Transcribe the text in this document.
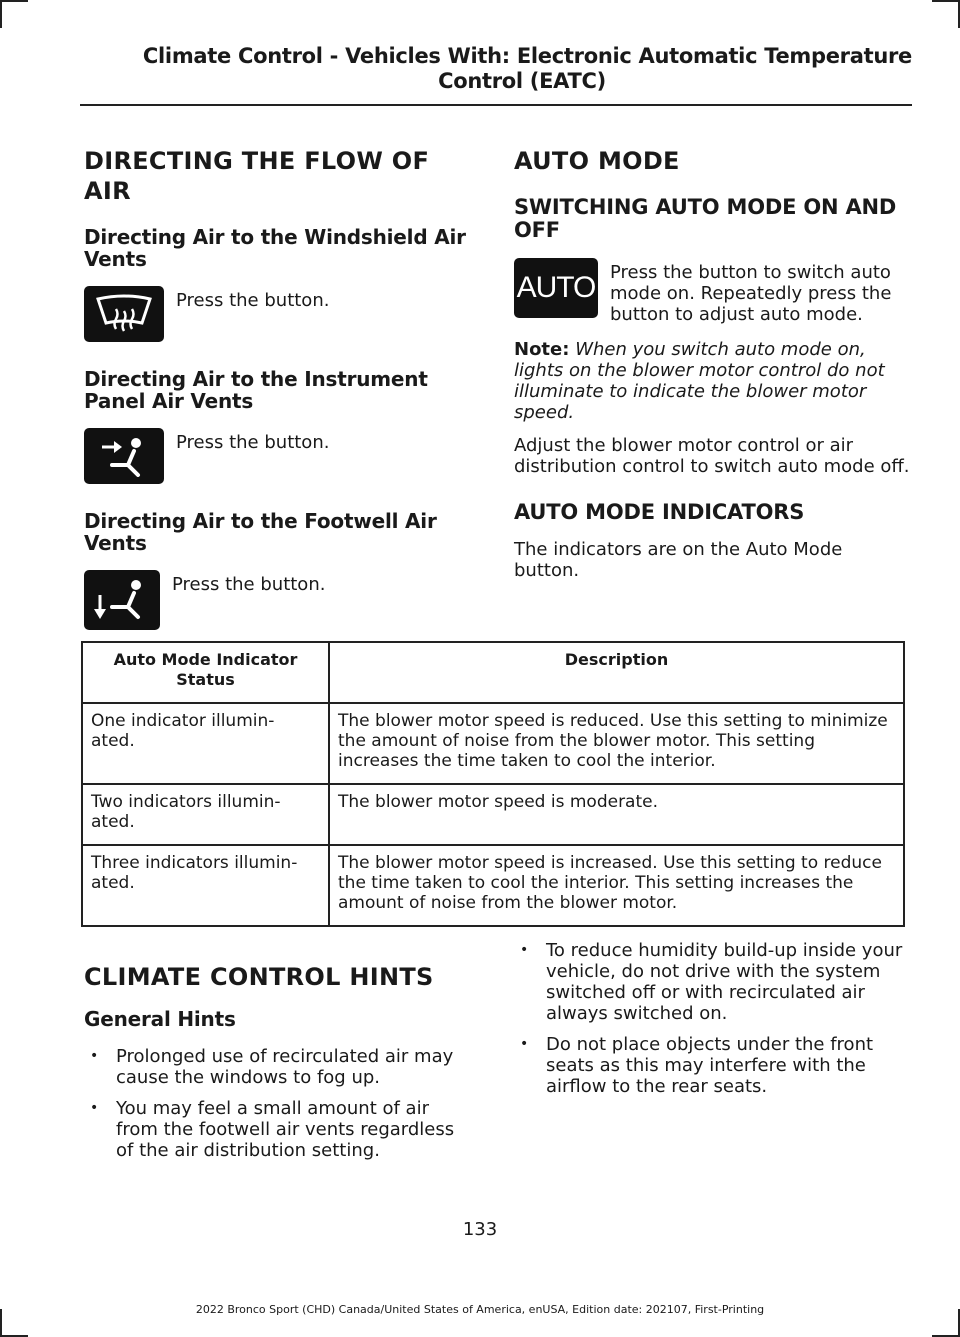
Climate Control - Vehicles With: Electronic Automatic Temperature
Control (EATC)
DIRECTING THE FLOW OF AIR
Directing Air to the Windshield Air Vents
Press the button.
Directing Air to the Instrument Panel Air Vents
Press the button.
Directing Air to the Footwell Air Vents
Press the button.
AUTO MODE
SWITCHING AUTO MODE ON AND OFF
AUTO Press the button to switch auto mode on. Repeatedly press the button to adjust auto mode.

Note: When you switch auto mode on, lights on the blower motor control do not illuminate to indicate the blower motor speed.

Adjust the blower motor control or air distribution control to switch auto mode off.

AUTO MODE INDICATORS

The indicators are on the Auto Mode button.

Auto Mode Indicator Status	Description
One indicator illumin- ated.	The blower motor speed is reduced. Use this setting to minimize the amount of noise from the blower motor. This setting increases the time taken to cool the interior.
Two indicators illumin- ated.	The blower motor speed is moderate.
Three indicators illumin- ated.	The blower motor speed is increased. Use this setting to reduce the time taken to cool the interior. This setting increases the amount of noise from the blower motor.
CLIMATE CONTROL HINTS
General Hints
• Prolonged use of recirculated air may cause the windows to fog up.
• You may feel a small amount of air from the footwell air vents regardless of the air distribution setting.
• To reduce humidity build-up inside your vehicle, do not drive with the system switched off or with recirculated air always switched on.
• Do not place objects under the front seats as this may interfere with the airflow to the rear seats.
133
2022 Bronco Sport (CHD) Canada/United States of America, enUSA, Edition date: 202107, First-Printing
